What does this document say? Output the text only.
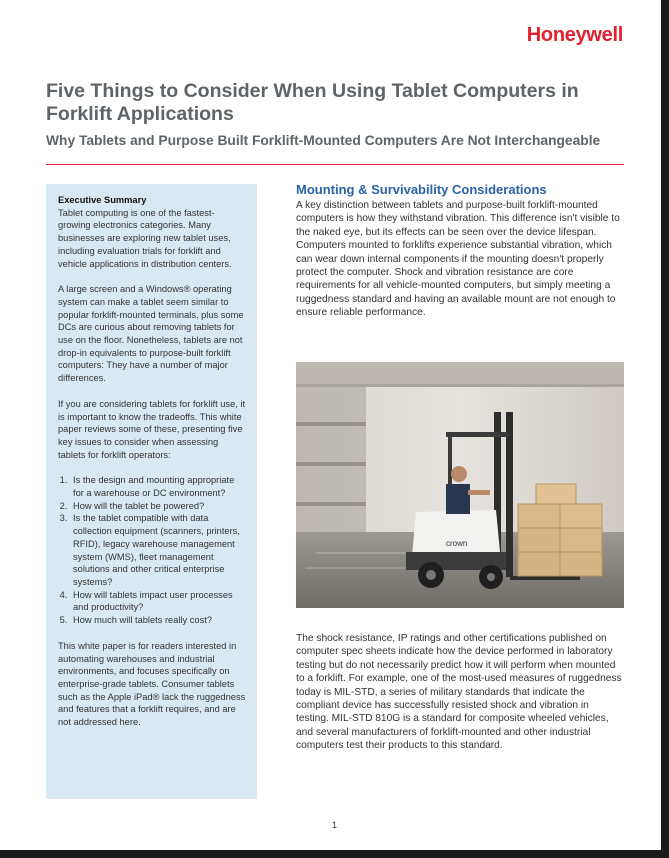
Honeywell
Five Things to Consider When Using Tablet Computers in Forklift Applications
Why Tablets and Purpose Built Forklift-Mounted Computers Are Not Interchangeable
Executive Summary

Tablet computing is one of the fastest-growing electronics categories. Many businesses are exploring new tablet uses, including evaluation trials for forklift and vehicle applications in distribution centers.

A large screen and a Windows® operating system can make a tablet seem similar to popular forklift-mounted terminals, plus some DCs are curious about removing tablets for use on the floor. Nonetheless, tablets are not drop-in equivalents to purpose-built forklift computers: They have a number of major differences.

If you are considering tablets for forklift use, it is important to know the tradeoffs. This white paper reviews some of these, presenting five key issues to consider when assessing tablets for forklift operators:

1. Is the design and mounting appropriate for a warehouse or DC environment?
2. How will the tablet be powered?
3. Is the tablet compatible with data collection equipment (scanners, printers, RFID), legacy warehouse management system (WMS), fleet management solutions and other critical enterprise systems?
4. How will tablets impact user processes and productivity?
5. How much will tablets really cost?

This white paper is for readers interested in automating warehouses and industrial environments, and focuses specifically on enterprise-grade tablets. Consumer tablets such as the Apple iPad® lack the ruggedness and features that a forklift requires, and are not addressed here.

Mounting & Survivability Considerations

A key distinction between tablets and purpose-built forklift-mounted computers is how they withstand vibration. This difference isn't visible to the naked eye, but its effects can be seen over the device lifespan. Computers mounted to forklifts experience substantial vibration, which can wear down internal components if the mounting doesn't properly protect the computer. Shock and vibration resistance are core requirements for all vehicle-mounted computers, but simply meeting a ruggedness standard and having an available mount are not enough to ensure reliable performance.

crown

The shock resistance, IP ratings and other certifications published on computer spec sheets indicate how the device performed in laboratory testing but do not necessarily predict how it will perform when mounted to a forklift. For example, one of the most-used measures of ruggedness today is MIL-STD, a series of military standards that indicate the compliant device has successfully resisted shock and vibration in testing. MIL-STD 810G is a standard for composite wheeled vehicles, and several manufacturers of forklift-mounted and other industrial computers test their products to this standard.

1
